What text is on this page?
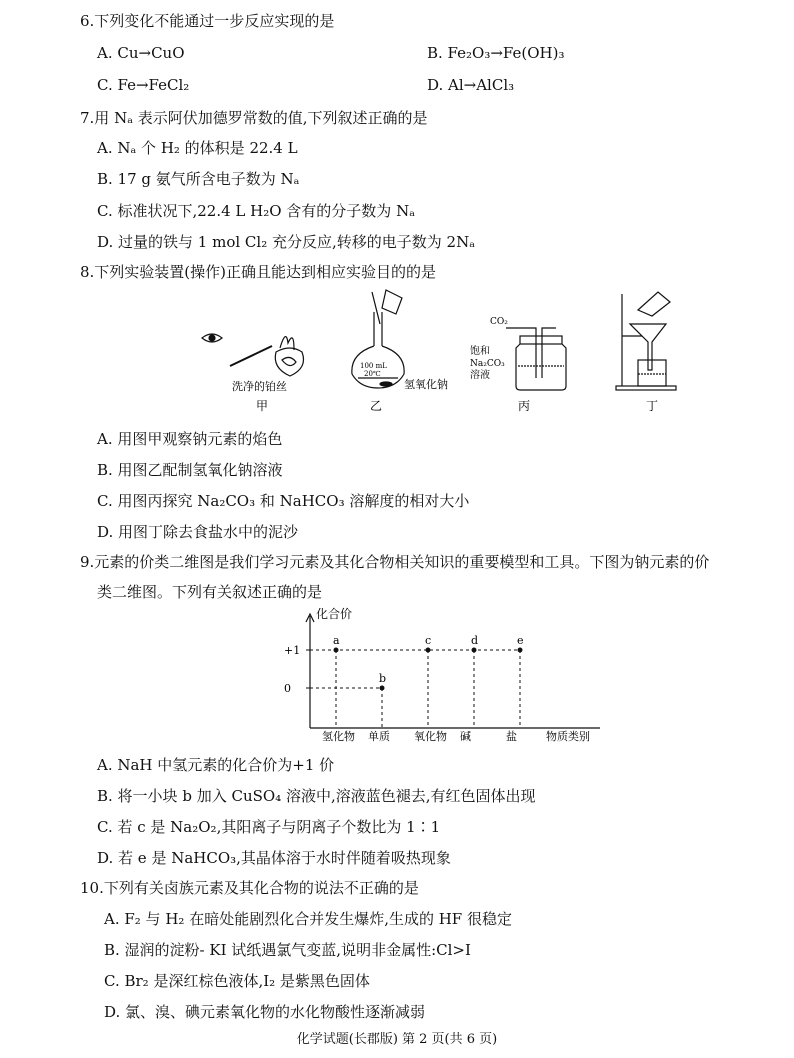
6.下列变化不能通过一步反应实现的是
A. Cu→CuO	B. Fe₂O₃→Fe(OH)₃
C. Fe→FeCl₂	D. Al→AlCl₃
7.用 Nₐ 表示阿伏加德罗常数的值,下列叙述正确的是
A. Nₐ 个 H₂ 的体积是 22.4 L
B. 17 g 氨气所含电子数为 Nₐ
C. 标准状况下,22.4 L H₂O 含有的分子数为 Nₐ
D. 过量的铁与 1 mol Cl₂ 充分反应,转移的电子数为 2Nₐ
8.下列实验装置(操作)正确且能达到相应实验目的的是
洗净的铂丝
甲
100 mL
20℃
氢氧化钠
乙
CO₂
饱和
Na₂CO₃
溶液
丙	丁
A. 用图甲观察钠元素的焰色
B. 用图乙配制氢氧化钠溶液
C. 用图丙探究 Na₂CO₃ 和 NaHCO₃ 溶解度的相对大小
D. 用图丁除去食盐水中的泥沙
9.元素的价类二维图是我们学习元素及其化合物相关知识的重要模型和工具。下图为钠元素的价
类二维图。下列有关叙述正确的是
化合价
物质类别
氢化物 单质 氧化物 碱	盐
+1
0
a
b
c	d	e
A. NaH 中氢元素的化合价为+1 价
B. 将一小块 b 加入 CuSO₄ 溶液中,溶液蓝色褪去,有红色固体出现
C. 若 c 是 Na₂O₂,其阳离子与阴离子个数比为 1∶1
D. 若 e 是 NaHCO₃,其晶体溶于水时伴随着吸热现象
10.下列有关卤族元素及其化合物的说法不正确的是
A. F₂ 与 H₂ 在暗处能剧烈化合并发生爆炸,生成的 HF 很稳定
B. 湿润的淀粉- KI 试纸遇氯气变蓝,说明非金属性:Cl>I
C. Br₂ 是深红棕色液体,I₂ 是紫黑色固体
D. 氯、溴、碘元素氧化物的水化物酸性逐渐减弱
化学试题(长郡版) 第 2 页(共 6 页)
